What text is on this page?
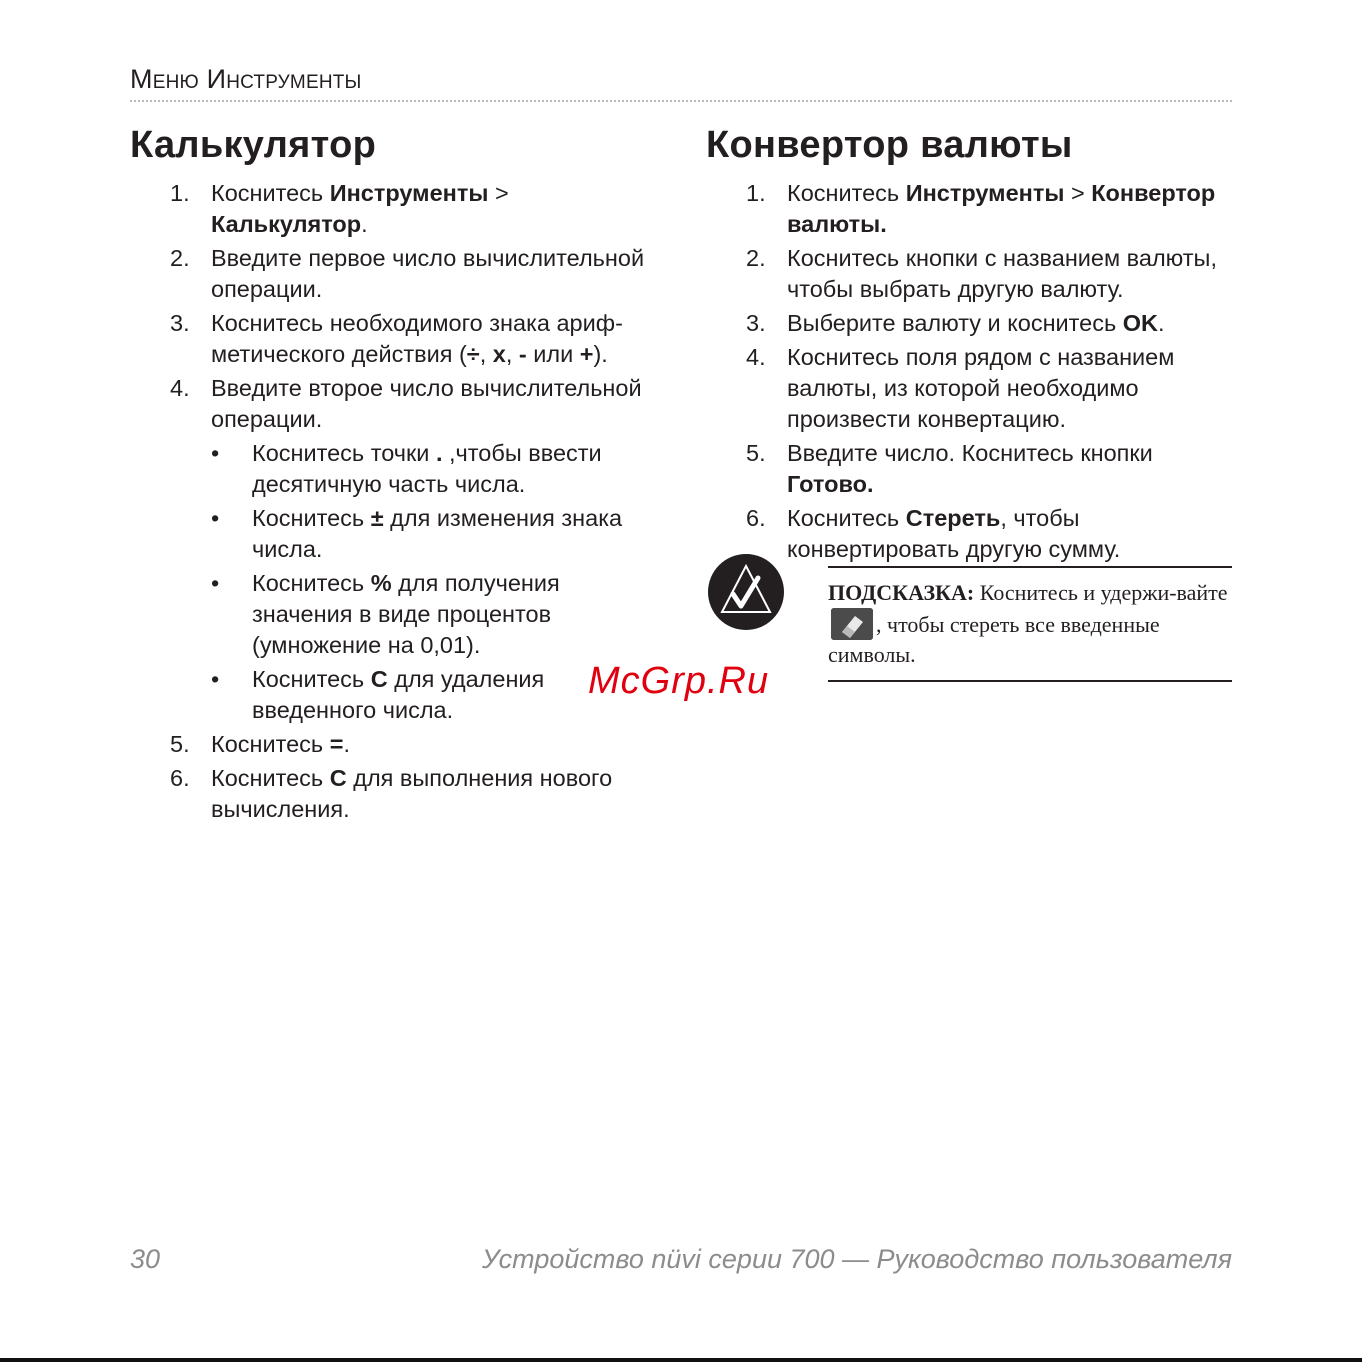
Меню Инструменты
Калькулятор
1. Коснитесь Инструменты > Калькулятор.
2. Введите первое число вычислительной операции.
3. Коснитесь необходимого знака ариф-метического действия (÷, x, - или +).
4. Введите второе число вычислительной операции.
• Коснитесь точки . ,чтобы ввести десятичную часть числа.
• Коснитесь ± для изменения знака числа.
• Коснитесь % для получения значения в виде процентов (умножение на 0,01).
• Коснитесь C для удаления введенного числа.
5. Коснитесь =.
6. Коснитесь C для выполнения нового вычисления.
Конвертор валюты
1. Коснитесь Инструменты > Конвертор валюты.
2. Коснитесь кнопки с названием валюты, чтобы выбрать другую валюту.
3. Выберите валюту и коснитесь OK.
4. Коснитесь поля рядом с названием валюты, из которой необходимо произвести конвертацию.
5. Введите число. Коснитесь кнопки Готово.
6. Коснитесь Стереть, чтобы конвертировать другую сумму.
ПОДСКАЗКА: Коснитесь и удержи-вайте , чтобы стереть все введенные символы.
McGrp.Ru
30	Устройство nüvi серии 700 — Руководство пользователя
